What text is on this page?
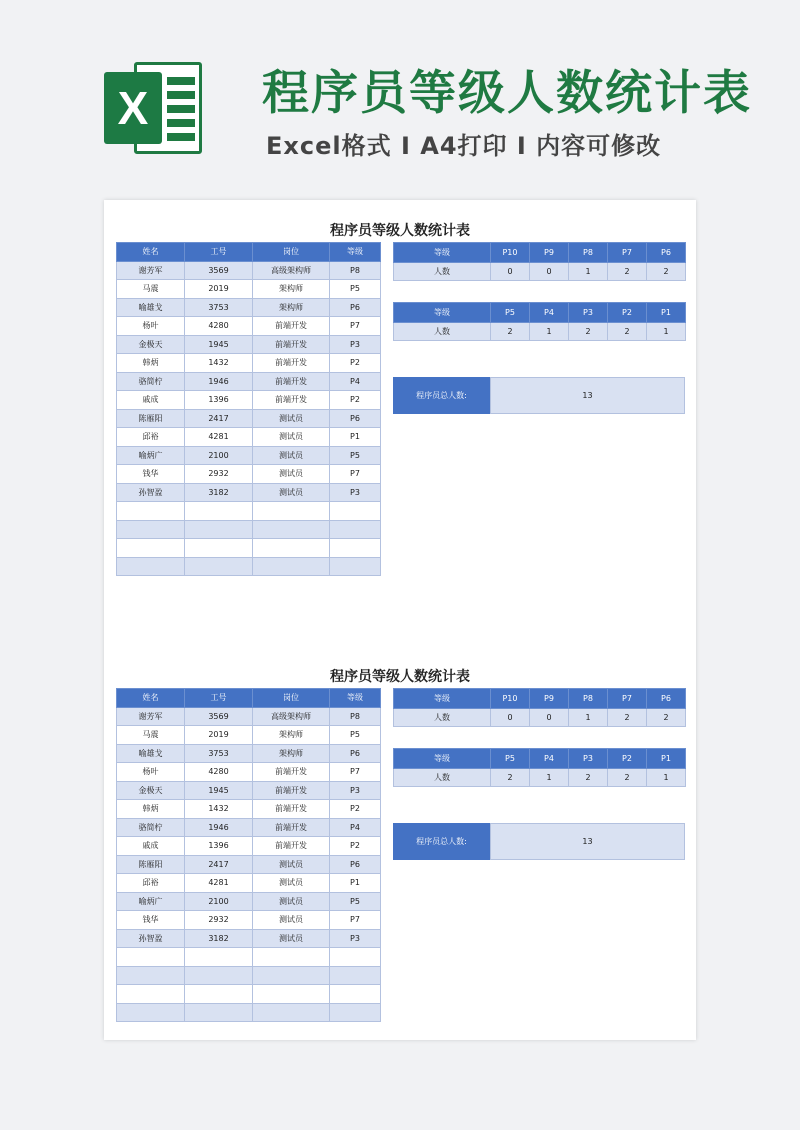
X 程序员等级人数统计表
Excel格式 I A4打印 I 内容可修改
程序员等级人数统计表
姓名	工号	岗位	等级
谢芳军	3569	高级架构师	P8
马震	2019	架构师	P5
喻雄戈	3753	架构师	P6
杨叶	4280	前端开发	P7
金极天	1945	前端开发	P3
韩炳	1432	前端开发	P2
骆简柠	1946	前端开发	P4
戚成	1396	前端开发	P2
陈雁阳	2417	测试员	P6
邱裕	4281	测试员	P1
喻炳广	2100	测试员	P5
钱华	2932	测试员	P7
孙智盈	3182	测试员	P3

等级	P10	P9	P8	P7	P6
人数	0	0	1	2	2
等级	P5	P4	P3	P2	P1
人数	2	1	2	2	1
程序员总人数:	13
程序员等级人数统计表
姓名	工号	岗位	等级
谢芳军	3569	高级架构师	P8
马震	2019	架构师	P5
喻雄戈	3753	架构师	P6
杨叶	4280	前端开发	P7
金极天	1945	前端开发	P3
韩炳	1432	前端开发	P2
骆简柠	1946	前端开发	P4
戚成	1396	前端开发	P2
陈雁阳	2417	测试员	P6
邱裕	4281	测试员	P1
喻炳广	2100	测试员	P5
钱华	2932	测试员	P7
孙智盈	3182	测试员	P3

等级	P10	P9	P8	P7	P6
人数	0	0	1	2	2
等级	P5	P4	P3	P2	P1
人数	2	1	2	2	1
程序员总人数:	13
